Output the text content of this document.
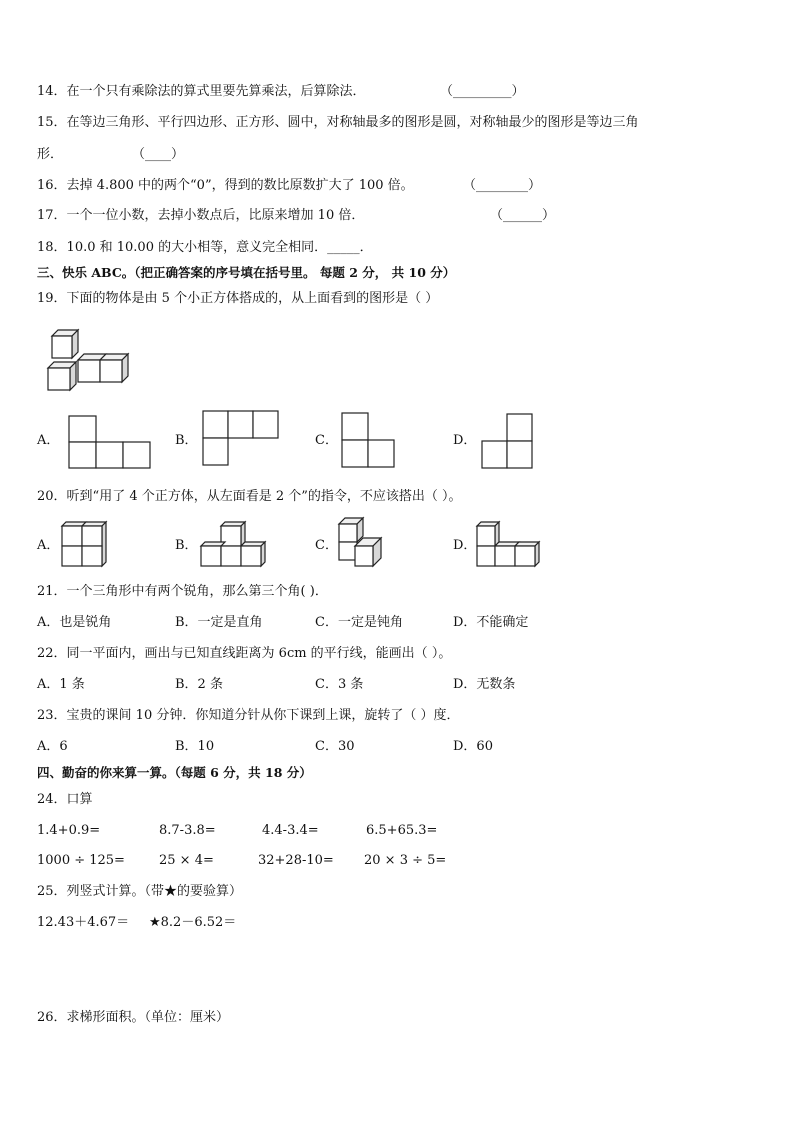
14．在一个只有乘除法的算式里要先算乘法，后算除法．	（_________）
15．在等边三角形、平行四边形、正方形、圆中，对称轴最多的图形是圆，对称轴最少的图形是等边三角
形．	（____）
16．去掉 4.800 中的两个“0”，得到的数比原数扩大了 100 倍。	（________）
17．一个一位小数，去掉小数点后，比原来增加 10 倍．	（______）
18．10.0 和 10.00 的大小相等，意义完全相同．_____．
三、快乐 ABC。（把正确答案的序号填在括号里。 每题 2 分， 共 10 分）
19．下面的物体是由 5 个小正方体搭成的，从上面看到的图形是（ ）
A．	B．	C．	D．
20．听到“用了 4 个正方体，从左面看是 2 个”的指令，不应该搭出（ ）。
A．	B．	C．	D．
21．一个三角形中有两个锐角，那么第三个角( )．
A．也是锐角	B．一定是直角	C．一定是钝角	D．不能确定
22．同一平面内，画出与已知直线距离为 6cm 的平行线，能画出（ ）。
A．1 条	B．2 条	C．3 条	D．无数条
23．宝贵的课间 10 分钟．你知道分针从你下课到上课，旋转了（ ）度．
A．6	B．10	C．30	D．60
四、勤奋的你来算一算。（每题 6 分，共 18 分）
24．口算
1.4+0.9=	8.7-3.8=	4.4-3.4=	6.5+65.3=
1000 ÷ 125=	25 × 4=	32+28-10= 20 × 3 ÷ 5=
25．列竖式计算。（带★的要验算）
12.43＋4.67＝ ★8.2－6.52＝
26．求梯形面积。（单位：厘米）
